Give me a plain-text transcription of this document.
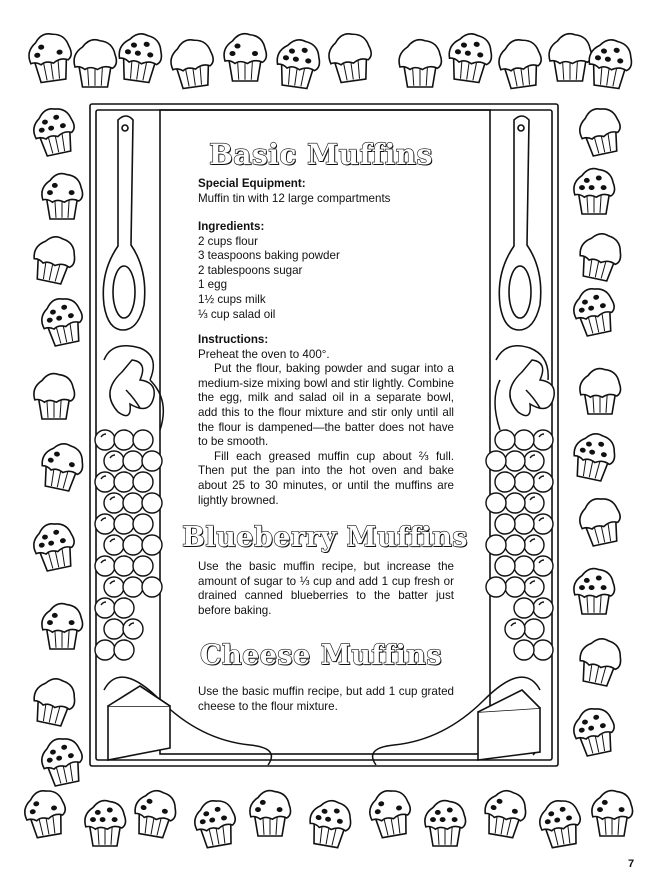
Basic Muffins
Special Equipment:
Muffin tin with 12 large compartments
Ingredients:
2 cups flour
3 teaspoons baking powder
2 tablespoons sugar
1 egg
1½ cups milk
⅓ cup salad oil
Instructions:
Preheat the oven to 400°.
Put the flour, baking powder and sugar into a medium-size mixing bowl and stir lightly. Combine the egg, milk and salad oil in a separate bowl, add this to the flour mixture and stir only until all the flour is dampened—the batter does not have to be smooth.
Fill each greased muffin cup about ⅔ full. Then put the pan into the hot oven and bake about 25 to 30 minutes, or until the muffins are lightly browned.
Blueberry Muffins
Use the basic muffin recipe, but increase the amount of sugar to ⅓ cup and add 1 cup fresh or drained canned blueberries to the batter just before baking.
Cheese Muffins
Use the basic muffin recipe, but add 1 cup grated cheese to the flour mixture.
7
